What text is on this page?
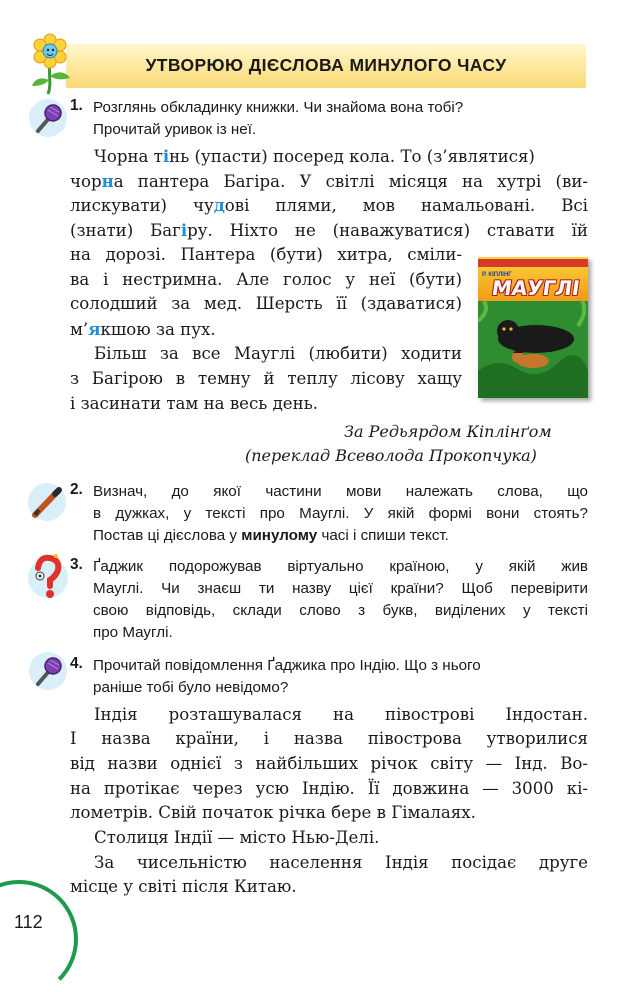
УТВОРЮЮ ДІЄСЛОВА МИНУЛОГО ЧАСУ
1. Розглянь обкладинку книжки. Чи знайома вона тобі?
Прочитай уривок із неї.
Чорна тінь (упасти) посеред кола. То (з’являтися)
чорна пантера Багіра. У світлі місяця на хутрі (ви-
лискувати) чудові плями, мов намальовані. Всі
(знати) Багіру. Ніхто не (наважуватися) ставати їй
на дорозі. Пантера (бути) хитра, сміли-
ва і нестримна. Але голос у неї (бути)
солодший за мед. Шерсть її (здаватися)
м’якшою за пух.
Більш за все Мауглі (любити) ходити
з Багірою в темну й теплу лісову хащу
і засинати там на весь день.
Р. КІПЛІНГ
МАУГЛІ
За Редьярдом Кіплінґом
(переклад Всеволода Прокопчука)
2. Визнач, до якої частини мови належать слова, що
в дужках, у тексті про Мауглі. У якій формі вони стоять?
Постав ці дієслова у минулому часі і спиши текст.
3. Ґаджик подорожував віртуально країною, у якій жив
Мауглі. Чи знаєш ти назву цієї країни? Щоб перевірити
свою відповідь, склади слово з букв, виділених у тексті
про Мауглі.
4. Прочитай повідомлення Ґаджика про Індію. Що з нього
раніше тобі було невідомо?
Індія розташувалася на півострові Індостан.
І назва країни, і назва півострова утворилися
від назви однієї з найбільших річок світу — Інд. Во-
на протікає через усю Індію. Її довжина — 3000 кі-
лометрів. Свій початок річка бере в Гімалаях.
Столиця Індії — місто Нью-Делі.
За чисельністю населення Індія посідає друге
місце у світі після Китаю.
112
